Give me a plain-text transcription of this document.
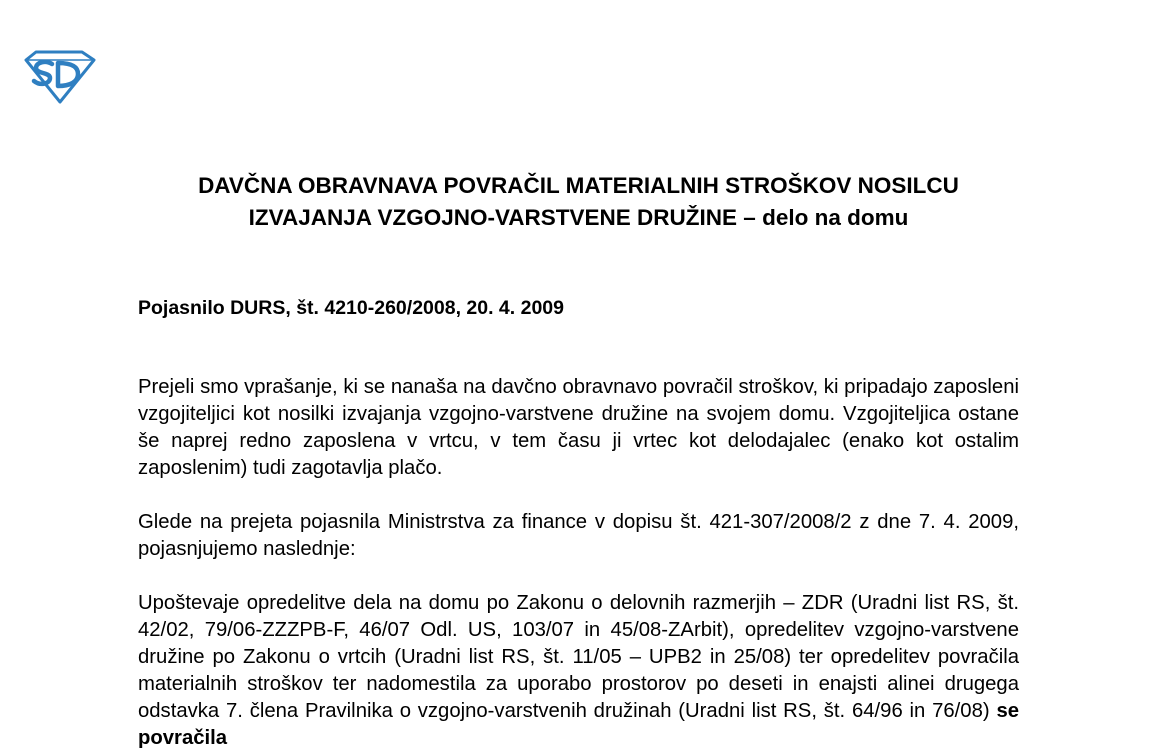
DAVČNA OBRAVNAVA POVRAČIL MATERIALNIH STROŠKOV NOSILCU IZVAJANJA VZGOJNO-VARSTVENE DRUŽINE – delo na domu

Pojasnilo DURS, št. 4210-260/2008, 20. 4. 2009

Prejeli smo vprašanje, ki se nanaša na davčno obravnavo povračil stroškov, ki pripadajo zaposleni vzgojiteljici kot nosilki izvajanja vzgojno-varstvene družine na svojem domu. Vzgojiteljica ostane še naprej redno zaposlena v vrtcu, v tem času ji vrtec kot delodajalec (enako kot ostalim zaposlenim) tudi zagotavlja plačo.

Glede na prejeta pojasnila Ministrstva za finance v dopisu št. 421-307/2008/2 z dne 7. 4. 2009, pojasnjujemo naslednje:

Upoštevaje opredelitve dela na domu po Zakonu o delovnih razmerjih – ZDR (Uradni list RS, št. 42/02, 79/06-ZZZPB-F, 46/07 Odl. US, 103/07 in 45/08-ZArbit), opredelitev vzgojno-varstvene družine po Zakonu o vrtcih (Uradni list RS, št. 11/05 – UPB2 in 25/08) ter opredelitev povračila materialnih stroškov ter nadomestila za uporabo prostorov po deseti in enajsti alinei drugega odstavka 7. člena Pravilnika o vzgojno-varstvenih družinah (Uradni list RS, št. 64/96 in 76/08) se povračila
